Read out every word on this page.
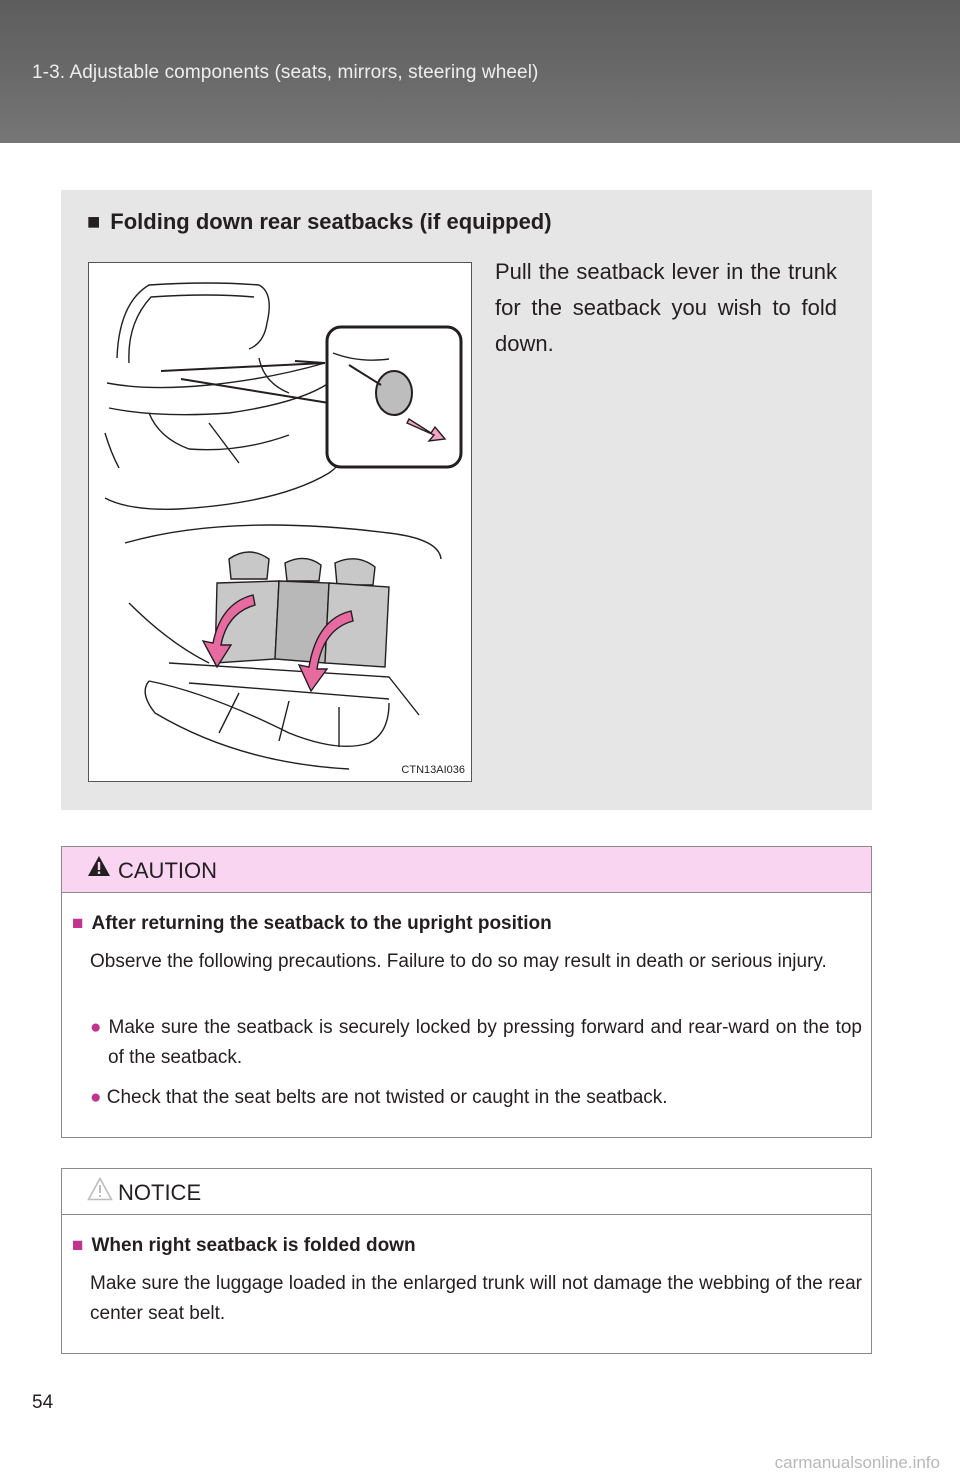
1-3. Adjustable components (seats, mirrors, steering wheel)
■ Folding down rear seatbacks (if equipped)
CTN13AI036
Pull the seatback lever in the trunk for the seatback you wish to fold down.
CAUTION
■ After returning the seatback to the upright position
Observe the following precautions. Failure to do so may result in death or serious injury.
● Make sure the seatback is securely locked by pressing forward and rear-ward on the top of the seatback.
● Check that the seat belts are not twisted or caught in the seatback.
NOTICE
■ When right seatback is folded down
Make sure the luggage loaded in the enlarged trunk will not damage the webbing of the rear center seat belt.
54
carmanualsonline.info
